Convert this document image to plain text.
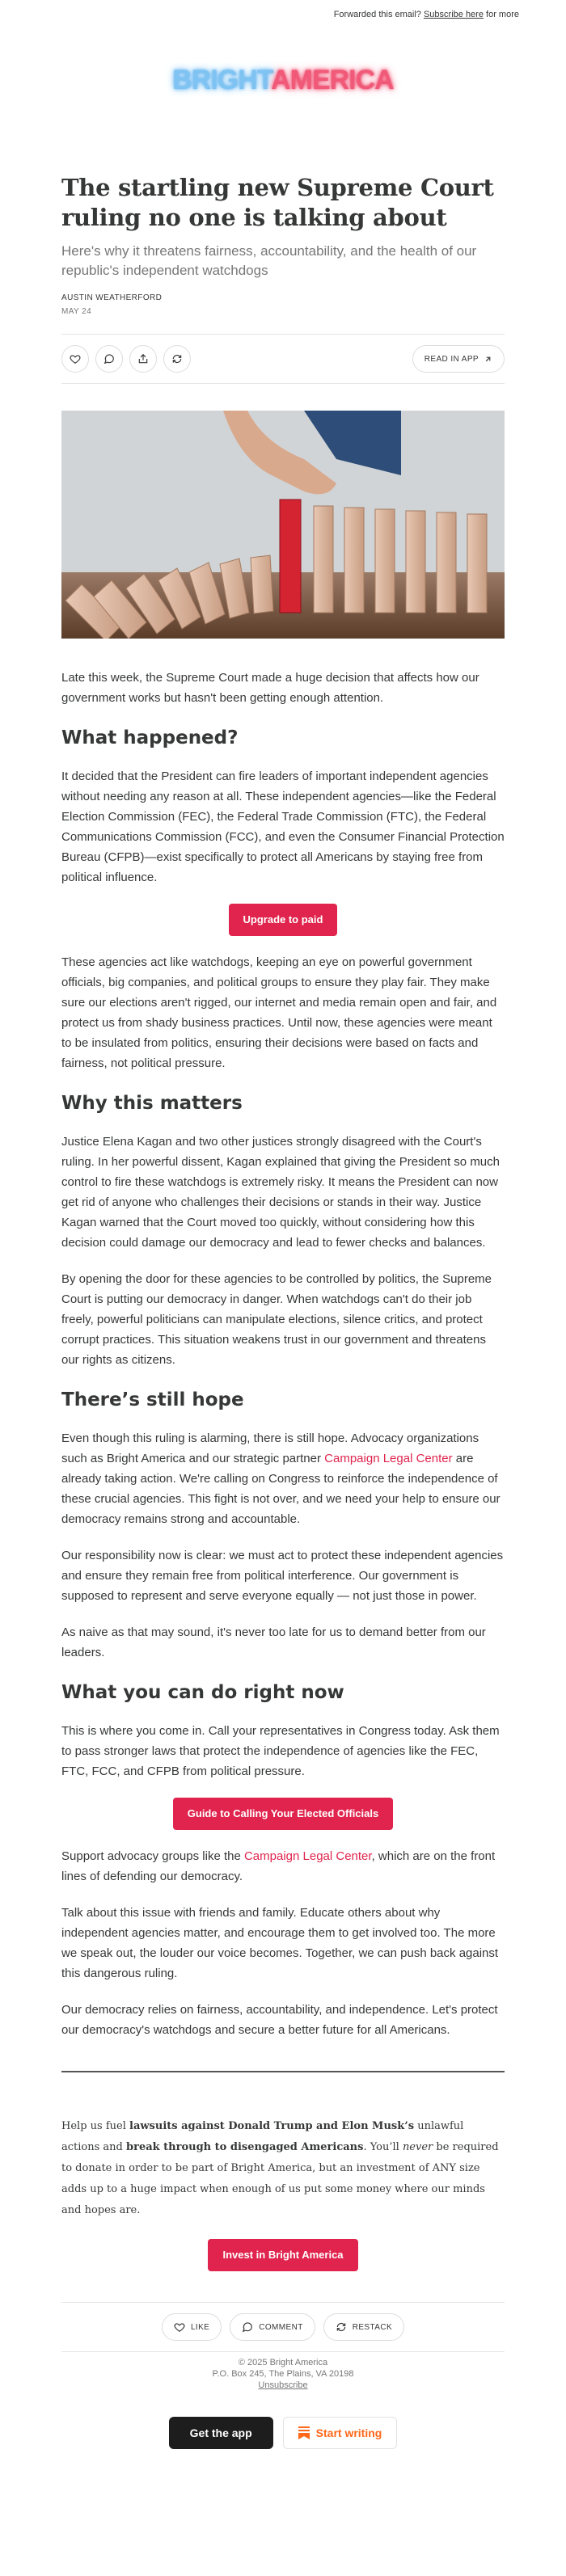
Forwarded this email? Subscribe here for more
BRIGHTAMERICA
The startling new Supreme Court ruling no one is talking about
Here's why it threatens fairness, accountability, and the health of our republic's independent watchdogs
AUSTIN WEATHERFORD
MAY 24
READ IN APP
Late this week, the Supreme Court made a huge decision that affects how our government works but hasn't been getting enough attention.
What happened?
It decided that the President can fire leaders of important independent agencies without needing any reason at all. These independent agencies—like the Federal Election Commission (FEC), the Federal Trade Commission (FTC), the Federal Communications Commission (FCC), and even the Consumer Financial Protection Bureau (CFPB)—exist specifically to protect all Americans by staying free from political influence.
Upgrade to paid
These agencies act like watchdogs, keeping an eye on powerful government officials, big companies, and political groups to ensure they play fair. They make sure our elections aren't rigged, our internet and media remain open and fair, and protect us from shady business practices. Until now, these agencies were meant to be insulated from politics, ensuring their decisions were based on facts and fairness, not political pressure.
Why this matters
Justice Elena Kagan and two other justices strongly disagreed with the Court's ruling. In her powerful dissent, Kagan explained that giving the President so much control to fire these watchdogs is extremely risky. It means the President can now get rid of anyone who challenges their decisions or stands in their way. Justice Kagan warned that the Court moved too quickly, without considering how this decision could damage our democracy and lead to fewer checks and balances.
By opening the door for these agencies to be controlled by politics, the Supreme Court is putting our democracy in danger. When watchdogs can't do their job freely, powerful politicians can manipulate elections, silence critics, and protect corrupt practices. This situation weakens trust in our government and threatens our rights as citizens.
There’s still hope
Even though this ruling is alarming, there is still hope. Advocacy organizations such as Bright America and our strategic partner Campaign Legal Center are already taking action. We're calling on Congress to reinforce the independence of these crucial agencies. This fight is not over, and we need your help to ensure our democracy remains strong and accountable.
Our responsibility now is clear: we must act to protect these independent agencies and ensure they remain free from political interference. Our government is supposed to represent and serve everyone equally — not just those in power.
As naive as that may sound, it's never too late for us to demand better from our leaders.
What you can do right now
This is where you come in. Call your representatives in Congress today. Ask them to pass stronger laws that protect the independence of agencies like the FEC, FTC, FCC, and CFPB from political pressure.
Guide to Calling Your Elected Officials
Support advocacy groups like the Campaign Legal Center, which are on the front lines of defending our democracy.
Talk about this issue with friends and family. Educate others about why independent agencies matter, and encourage them to get involved too. The more we speak out, the louder our voice becomes. Together, we can push back against this dangerous ruling.
Our democracy relies on fairness, accountability, and independence. Let's protect our democracy's watchdogs and secure a better future for all Americans.
Help us fuel lawsuits against Donald Trump and Elon Musk’s unlawful actions and break through to disengaged Americans. You’ll never be required to donate in order to be part of Bright America, but an investment of ANY size adds up to a huge impact when enough of us put some money where our minds and hopes are.
Invest in Bright America
LIKE	COMMENT	RESTACK
© 2025 Bright America
P.O. Box 245, The Plains, VA 20198
Unsubscribe
Get the app	Start writing
